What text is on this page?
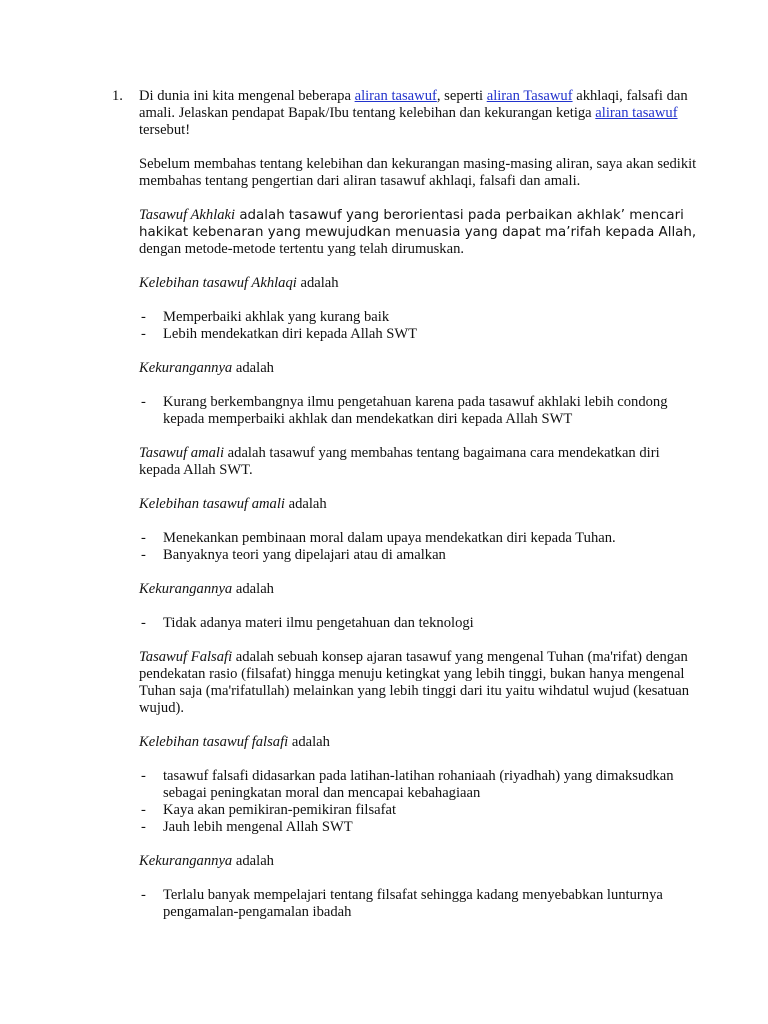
1. Di dunia ini kita mengenal beberapa aliran tasawuf, seperti aliran Tasawuf akhlaqi, falsafi dan amali. Jelaskan pendapat Bapak/Ibu tentang kelebihan dan kekurangan ketiga aliran tasawuf tersebut!

Sebelum membahas tentang kelebihan dan kekurangan masing-masing aliran, saya akan sedikit membahas tentang pengertian dari aliran tasawuf akhlaqi, falsafi dan amali.

Tasawuf Akhlaki adalah tasawuf yang berorientasi pada perbaikan akhlak’ mencari hakikat kebenaran yang mewujudkan menuasia yang dapat ma’rifah kepada Allah, dengan metode-metode tertentu yang telah dirumuskan.

Kelebihan tasawuf Akhlaqi adalah

- Memperbaiki akhlak yang kurang baik
- Lebih mendekatkan diri kepada Allah SWT

Kekurangannya adalah

- Kurang berkembangnya ilmu pengetahuan karena pada tasawuf akhlaki lebih condong kepada memperbaiki akhlak dan mendekatkan diri kepada Allah SWT

Tasawuf amali adalah tasawuf yang membahas tentang bagaimana cara mendekatkan diri kepada Allah SWT.

Kelebihan tasawuf amali adalah

- Menekankan pembinaan moral dalam upaya mendekatkan diri kepada Tuhan.
- Banyaknya teori yang dipelajari atau di amalkan

Kekurangannya adalah

- Tidak adanya materi ilmu pengetahuan dan teknologi

Tasawuf Falsafi adalah sebuah konsep ajaran tasawuf yang mengenal Tuhan (ma'rifat) dengan pendekatan rasio (filsafat) hingga menuju ketingkat yang lebih tinggi, bukan hanya mengenal Tuhan saja (ma'rifatullah) melainkan yang lebih tinggi dari itu yaitu wihdatul wujud (kesatuan wujud).

Kelebihan tasawuf falsafi adalah

- tasawuf falsafi didasarkan pada latihan-latihan rohaniaah (riyadhah) yang dimaksudkan sebagai peningkatan moral dan mencapai kebahagiaan
- Kaya akan pemikiran-pemikiran filsafat
- Jauh lebih mengenal Allah SWT

Kekurangannya adalah

- Terlalu banyak mempelajari tentang filsafat sehingga kadang menyebabkan lunturnya pengamalan-pengamalan ibadah
